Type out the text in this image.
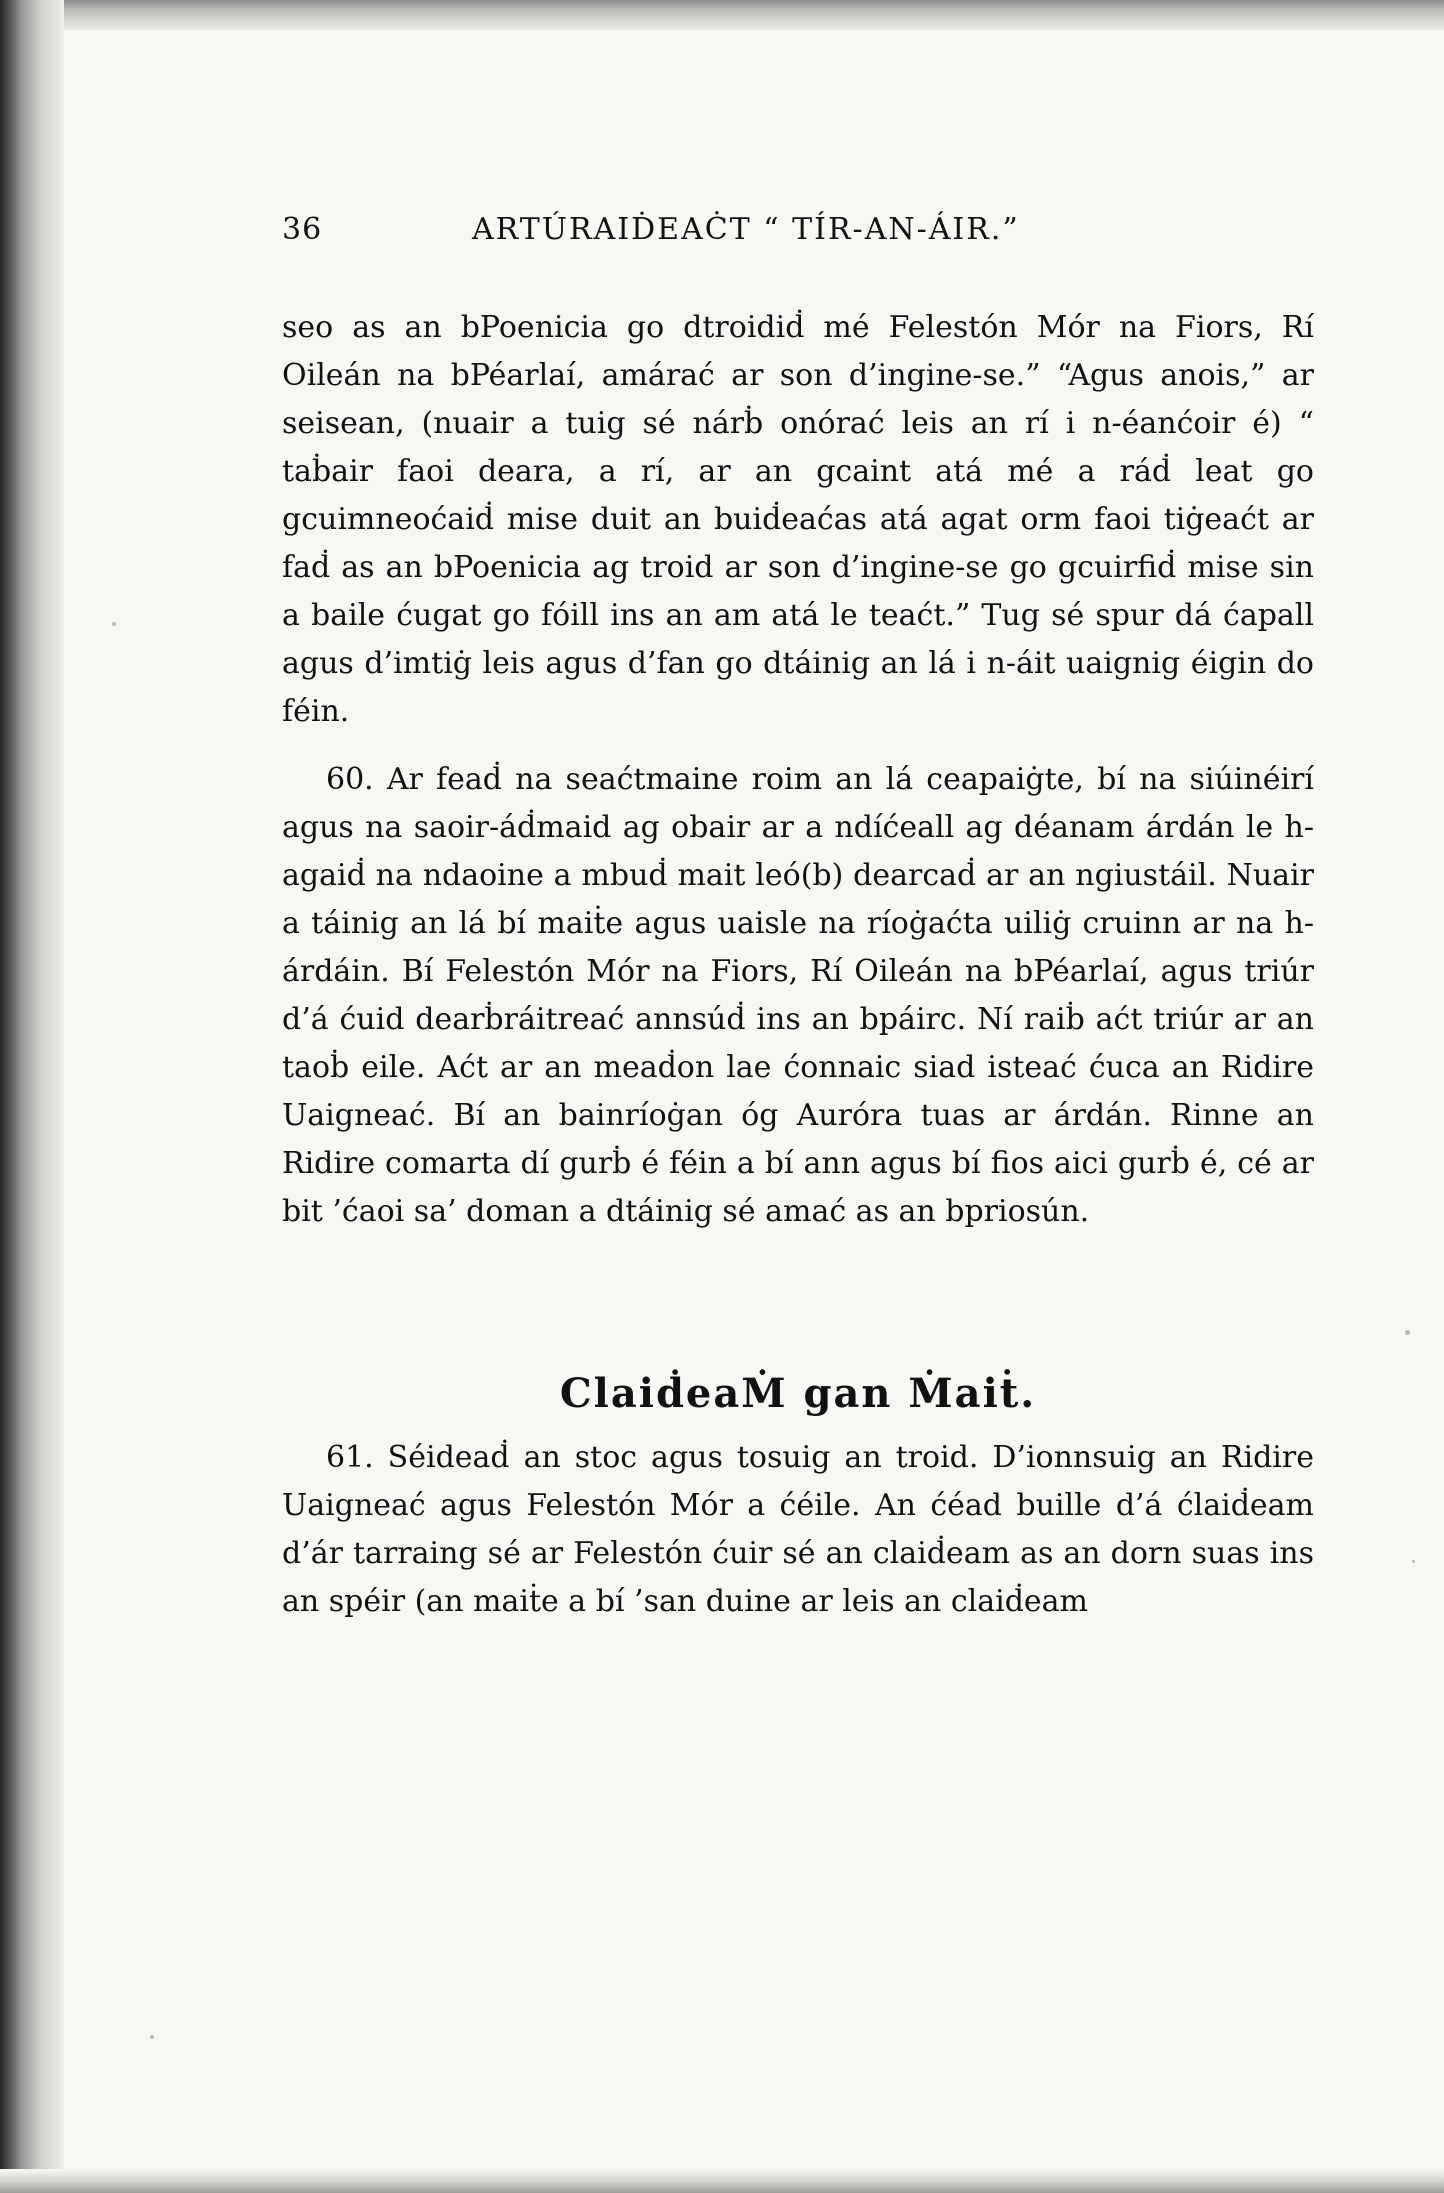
36	ARTÚRAIḊEAĊT “ TÍR-AN-ÁIR.”

seo as an bPoenicia go dtroidiḋ mé Felestón Mór na Fiors, Rí Oileán na bPéarlaí, amárać ar son d’ingine-se.” “Agus anois,” ar seisean, (nuair a tuig sé nárḃ onórać leis an rí i n-éanćoir é) “ taḃair faoi deara, a rí, ar an gcaint atá mé a ráḋ leat go gcuimneoćaiḋ mise duit an buiḋeaćas atá agat orm faoi tiġeaćt ar faḋ as an bPoenicia ag troid ar son d’ingine-se go gcuirfiḋ mise sin a baile ćugat go fóill ins an am atá le teaćt.” Tug sé spur dá ćapall agus d’imtiġ leis agus d’fan go dtáinig an lá i n-áit uaignig éigin do féin.

60. Ar feaḋ na seaćtmaine roim an lá ceapaiġte, bí na siúinéirí agus na saoir-áḋmaid ag obair ar a ndíćeall ag déanam árdán le h-agaiḋ na ndaoine a mbuḋ mait leó(b) dearcaḋ ar an ngiustáil. Nuair a táinig an lá bí maiṫe agus uaisle na ríoġaćta uiliġ cruinn ar na h-árdáin. Bí Felestón Mór na Fiors, Rí Oileán na bPéarlaí, agus triúr d’á ćuid dearḃráitreać annsúḋ ins an bpáirc. Ní raiḃ aćt triúr ar an taoḃ eile. Aćt ar an meaḋon lae ćonnaic siad isteać ćuca an Ridire Uaigneać. Bí an bainríoġan óg Auróra tuas ar árdán. Rinne an Ridire comarta dí gurḃ é féin a bí ann agus bí fios aici gurḃ é, cé ar bit ’ćaoi sa’ doman a dtáinig sé amać as an bpriosún.

ClaiḋeaṀ gan Ṁaiṫ.

61. Séideaḋ an stoc agus tosuig an troid. D’ionnsuig an Ridire Uaigneać agus Felestón Mór a ćéile. An ćéad buille d’á ćlaiḋeam d’ár tarraing sé ar Felestón ćuir sé an claiḋeam as an dorn suas ins an spéir (an maiṫe a bí ’san duine ar leis an claiḋeam
